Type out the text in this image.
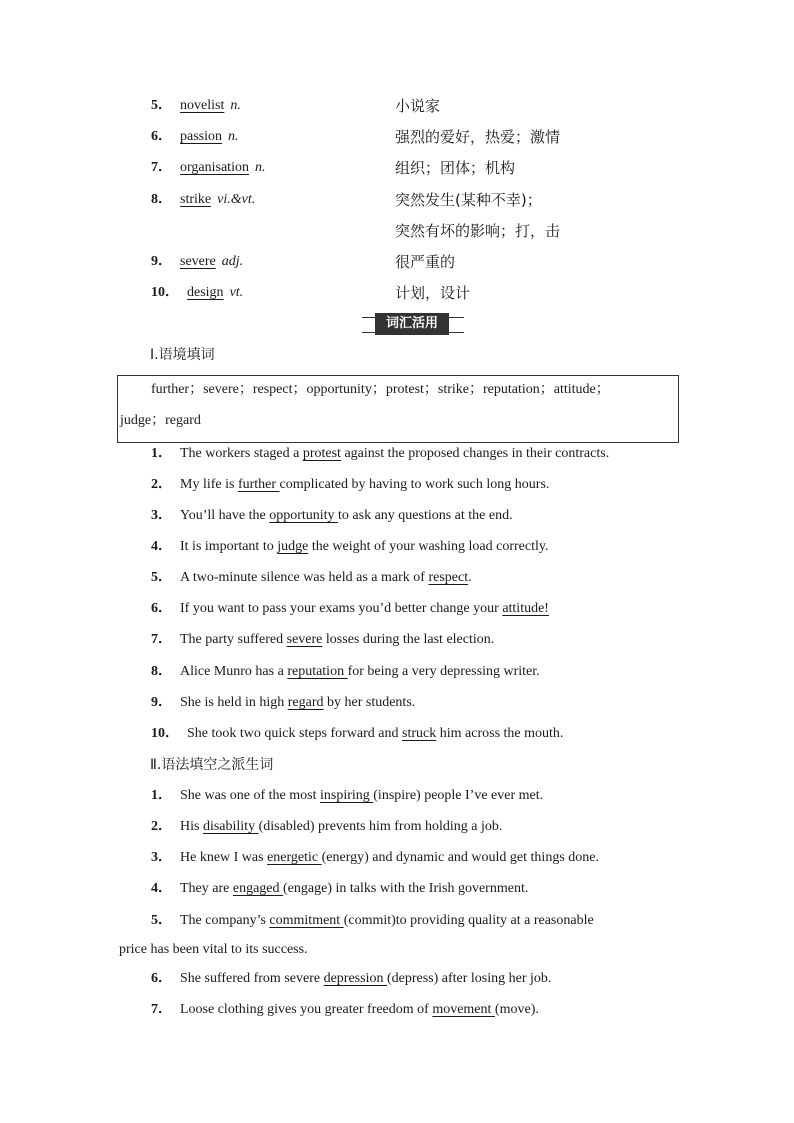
5． novelist n.	小说家
6． passion n.	强烈的爱好，热爱；激情
7． organisation n.	组织；团体；机构
8． strike vi.&vt.	突然发生(某种不幸)；
突然有坏的影响；打，击
9． severe adj.	很严重的
10． design vt.	计划，设计
词汇活用
Ⅰ.语境填词
further；severe；respect；opportunity；protest；strike；reputation；attitude；
judge；regard
1． The workers staged a protest against the proposed changes in their contracts.
2． My life is further complicated by having to work such long hours.
3． You’ll have the opportunity to ask any questions at the end.
4． It is important to judge the weight of your washing load correctly.
5． A two-minute silence was held as a mark of respect.
6． If you want to pass your exams you’d better change your attitude!
7． The party suffered severe losses during the last election.
8． Alice Munro has a reputation for being a very depressing writer.
9． She is held in high regard by her students.
10． She took two quick steps forward and struck him across the mouth.
Ⅱ.语法填空之派生词
1． She was one of the most inspiring (inspire) people I’ve ever met.
2． His disability (disabled) prevents him from holding a job.
3． He knew I was energetic (energy) and dynamic and would get things done.
4． They are engaged (engage) in talks with the Irish government.
5． The company’s commitment (commit)to providing quality at a reasonable
price has been vital to its success.
6． She suffered from severe depression (depress) after losing her job.
7． Loose clothing gives you greater freedom of movement (move).
